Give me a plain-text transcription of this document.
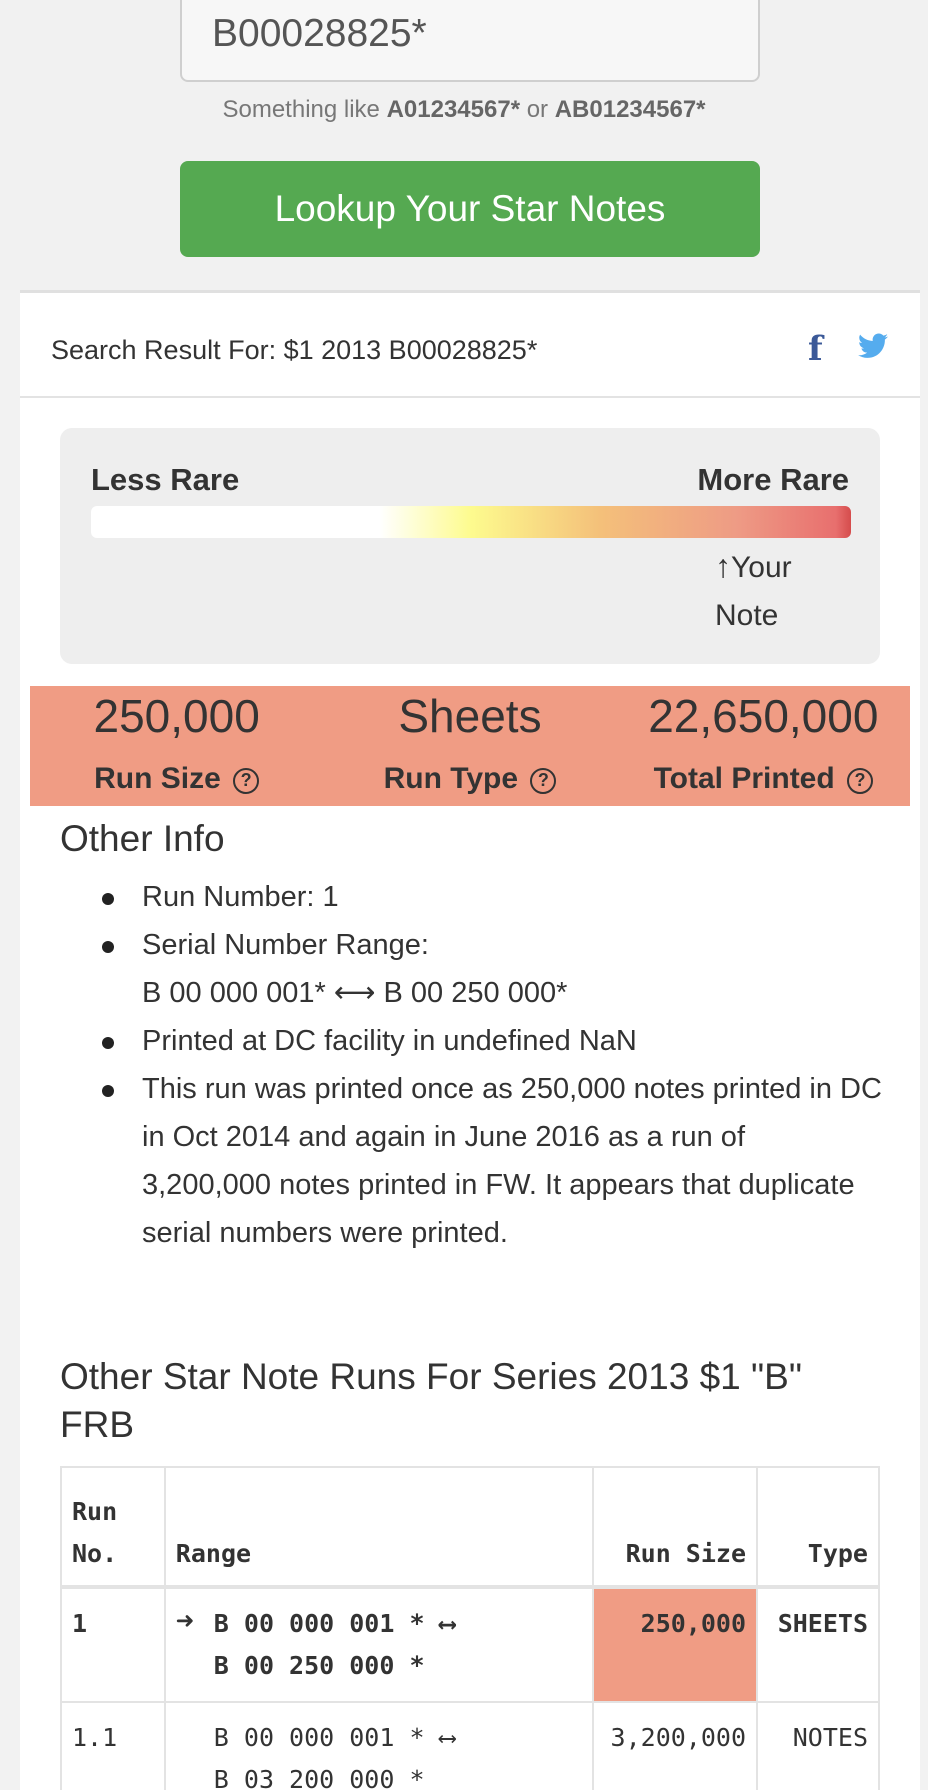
B00028825*
Something like A01234567* or AB01234567*
Lookup Your Star Notes
Search Result For: $1 2013 B00028825*	f
Less Rare	More Rare
↑Your
Note
250,000
Run Size ?
Sheets
Run Type ?
22,650,000
Total Printed ?
Other Info
Run Number: 1
Serial Number Range:
B 00 000 001* ⟷ B 00 250 000*
Printed at DC facility in undefined NaN
This run was printed once as 250,000 notes printed in DC in Oct 2014 and again in June 2016 as a run of 3,200,000 notes printed in FW. It appears that duplicate serial numbers were printed.
Other Star Note Runs For Series 2013 $1 "B" FRB
Run
No.	Range	Run Size	Type
1	➜ B 00 000 001 * ⟷
B 00 250 000 *	250,000	SHEETS
1.1	B 00 000 001 * ⟷
B 03 200 000 *	3,200,000	NOTES
